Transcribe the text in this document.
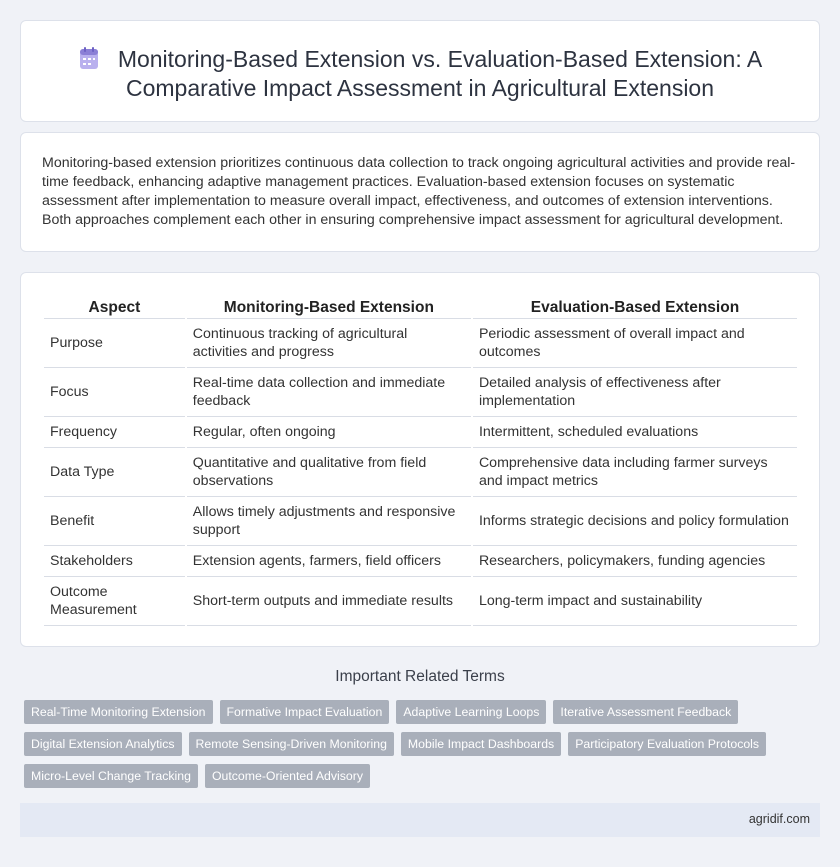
Monitoring-Based Extension vs. Evaluation-Based Extension: A Comparative Impact Assessment in Agricultural Extension

Monitoring-based extension prioritizes continuous data collection to track ongoing agricultural activities and provide real-time feedback, enhancing adaptive management practices. Evaluation-based extension focuses on systematic assessment after implementation to measure overall impact, effectiveness, and outcomes of extension interventions. Both approaches complement each other in ensuring comprehensive impact assessment for agricultural development.

Aspect	Monitoring-Based Extension	Evaluation-Based Extension
Purpose	Continuous tracking of agricultural activities and progress	Periodic assessment of overall impact and outcomes
Focus	Real-time data collection and immediate feedback	Detailed analysis of effectiveness after implementation
Frequency	Regular, often ongoing	Intermittent, scheduled evaluations
Data Type	Quantitative and qualitative from field observations	Comprehensive data including farmer surveys and impact metrics
Benefit	Allows timely adjustments and responsive support	Informs strategic decisions and policy formulation
Stakeholders	Extension agents, farmers, field officers	Researchers, policymakers, funding agencies
Outcome Measurement	Short-term outputs and immediate results	Long-term impact and sustainability
Important Related Terms
Real-Time Monitoring Extension	Formative Impact Evaluation	Adaptive Learning Loops	Iterative Assessment Feedback
Digital Extension Analytics	Remote Sensing-Driven Monitoring	Mobile Impact Dashboards	Participatory Evaluation Protocols
Micro-Level Change Tracking	Outcome-Oriented Advisory
agridif.com
